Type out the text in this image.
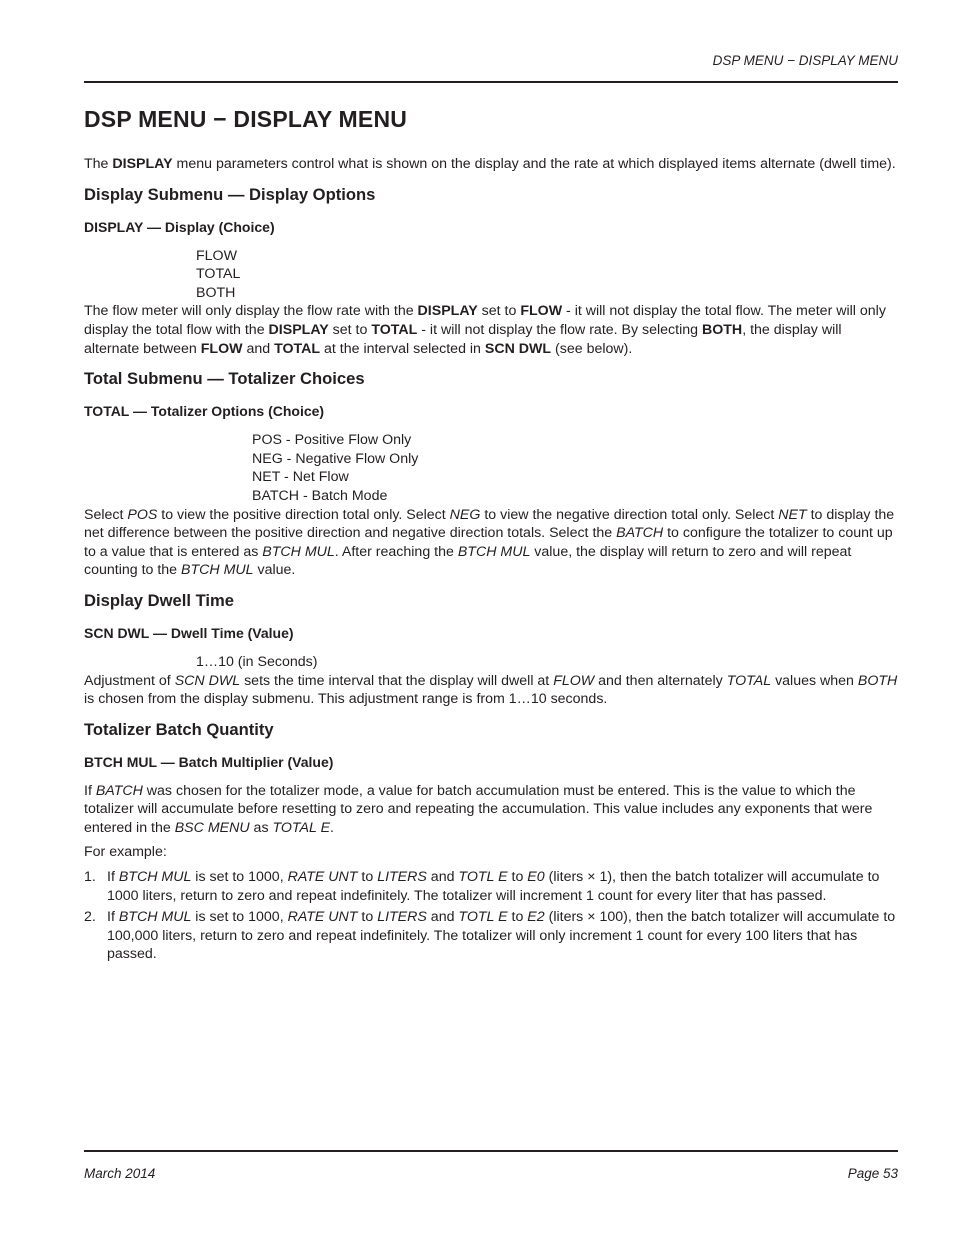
DSP MENU − DISPLAY MENU
DSP MENU − DISPLAY MENU

The DISPLAY menu parameters control what is shown on the display and the rate at which displayed items alternate (dwell time).

Display Submenu — Display Options
DISPLAY — Display (Choice)
FLOW
TOTAL
BOTH

The flow meter will only display the flow rate with the DISPLAY set to FLOW - it will not display the total flow. The meter will only display the total flow with the DISPLAY set to TOTAL - it will not display the flow rate. By selecting BOTH, the display will alternate between FLOW and TOTAL at the interval selected in SCN DWL (see below).

Total Submenu — Totalizer Choices
TOTAL — Totalizer Options (Choice)
POS - Positive Flow Only
NEG - Negative Flow Only
NET - Net Flow
BATCH - Batch Mode

Select POS to view the positive direction total only. Select NEG to view the negative direction total only. Select NET to display the net difference between the positive direction and negative direction totals. Select the BATCH to configure the totalizer to count up to a value that is entered as BTCH MUL. After reaching the BTCH MUL value, the display will return to zero and will repeat counting to the BTCH MUL value.

Display Dwell Time
SCN DWL — Dwell Time (Value)
1…10 (in Seconds)

Adjustment of SCN DWL sets the time interval that the display will dwell at FLOW and then alternately TOTAL values when BOTH is chosen from the display submenu. This adjustment range is from 1…10 seconds.

Totalizer Batch Quantity
BTCH MUL — Batch Multiplier (Value)

If BATCH was chosen for the totalizer mode, a value for batch accumulation must be entered. This is the value to which the totalizer will accumulate before resetting to zero and repeating the accumulation. This value includes any exponents that were entered in the BSC MENU as TOTAL E.

For example:

1. If BTCH MUL is set to 1000, RATE UNT to LITERS and TOTL E to E0 (liters × 1), then the batch totalizer will accumulate to 1000 liters, return to zero and repeat indefinitely. The totalizer will increment 1 count for every liter that has passed.
2. If BTCH MUL is set to 1000, RATE UNT to LITERS and TOTL E to E2 (liters × 100), then the batch totalizer will accumulate to 100,000 liters, return to zero and repeat indefinitely. The totalizer will only increment 1 count for every 100 liters that has passed.
March 2014	Page 53
